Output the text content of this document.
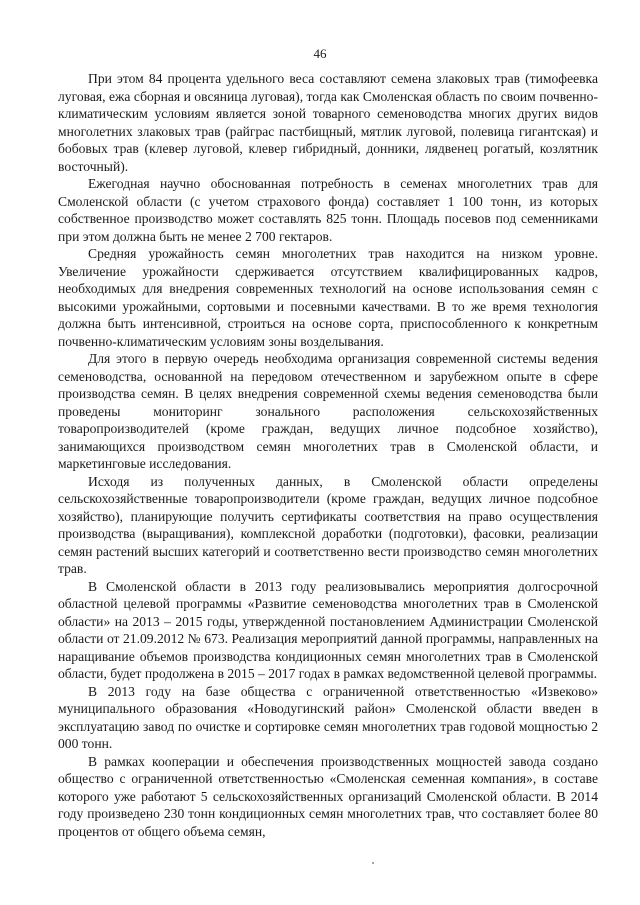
46

При этом 84 процента удельного веса составляют семена злаковых трав (тимофеевка луговая, ежа сборная и овсяница луговая), тогда как Смоленская область по своим почвенно-климатическим условиям является зоной товарного семеноводства многих других видов многолетних злаковых трав (райграс пастбищный, мятлик луговой, полевица гигантская) и бобовых трав (клевер луговой, клевер гибридный, донники, лядвенец рогатый, козлятник восточный).

Ежегодная научно обоснованная потребность в семенах многолетних трав для Смоленской области (с учетом страхового фонда) составляет 1 100 тонн, из которых собственное производство может составлять 825 тонн. Площадь посевов под семенниками при этом должна быть не менее 2 700 гектаров.

Средняя урожайность семян многолетних трав находится на низком уровне. Увеличение урожайности сдерживается отсутствием квалифицированных кадров, необходимых для внедрения современных технологий на основе использования семян с высокими урожайными, сортовыми и посевными качествами. В то же время технология должна быть интенсивной, строиться на основе сорта, приспособленного к конкретным почвенно-климатическим условиям зоны возделывания.

Для этого в первую очередь необходима организация современной системы ведения семеноводства, основанной на передовом отечественном и зарубежном опыте в сфере производства семян. В целях внедрения современной схемы ведения семеноводства были проведены мониторинг зонального расположения сельскохозяйственных товаропроизводителей (кроме граждан, ведущих личное подсобное хозяйство), занимающихся производством семян многолетних трав в Смоленской области, и маркетинговые исследования.

Исходя из полученных данных, в Смоленской области определены сельскохозяйственные товаропроизводители (кроме граждан, ведущих личное подсобное хозяйство), планирующие получить сертификаты соответствия на право осуществления производства (выращивания), комплексной доработки (подготовки), фасовки, реализации семян растений высших категорий и соответственно вести производство семян многолетних трав.

В Смоленской области в 2013 году реализовывались мероприятия долгосрочной областной целевой программы «Развитие семеноводства многолетних трав в Смоленской области» на 2013 – 2015 годы, утвержденной постановлением Администрации Смоленской области от 21.09.2012 № 673. Реализация мероприятий данной программы, направленных на наращивание объемов производства кондиционных семян многолетних трав в Смоленской области, будет продолжена в 2015 – 2017 годах в рамках ведомственной целевой программы.

В 2013 году на базе общества с ограниченной ответственностью «Извеково» муниципального образования «Новодугинский район» Смоленской области введен в эксплуатацию завод по очистке и сортировке семян многолетних трав годовой мощностью 2 000 тонн.

В рамках кооперации и обеспечения производственных мощностей завода создано общество с ограниченной ответственностью «Смоленская семенная компания», в составе которого уже работают 5 сельскохозяйственных организаций Смоленской области. В 2014 году произведено 230 тонн кондиционных семян многолетних трав, что составляет более 80 процентов от общего объема семян,
